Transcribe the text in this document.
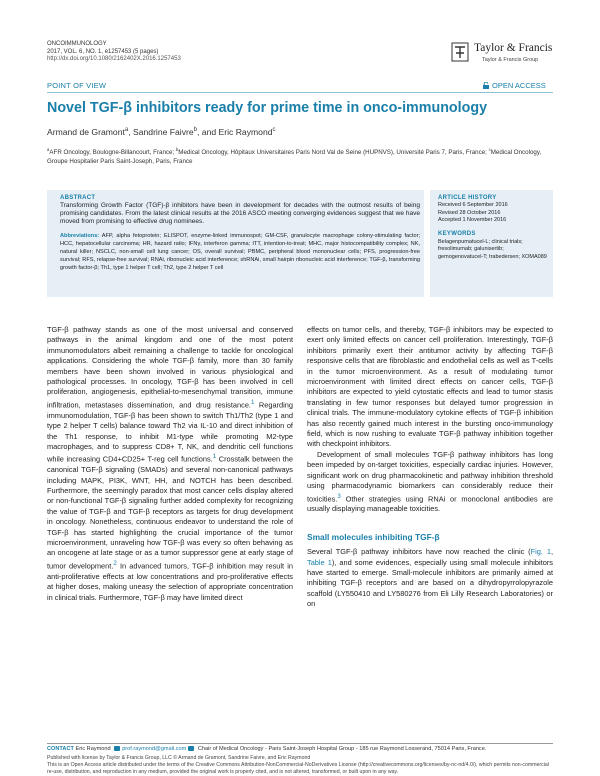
ONCOIMMUNOLOGY
2017, VOL. 6, NO. 1, e1257453 (5 pages)
http://dx.doi.org/10.1080/2162402X.2016.1257453
Taylor & Francis
Taylor & Francis Group
POINT OF VIEW	OPEN ACCESS
Novel TGF-β inhibitors ready for prime time in onco-immunology
Armand de Gramont$^a$, Sandrine Faivre$^b$, and Eric Raymond$^c$
$^a$AFR Oncology, Boulogne-Billancourt, France; $^b$Medical Oncology, Hôpitaux Universitaires Paris Nord Val de Seine (HUPNVS), Université Paris 7, Paris, France; $^c$Medical Oncology, Groupe Hospitalier Paris Saint-Joseph, Paris, France
ABSTRACT

Transforming Growth Factor (TGF)-β inhibitors have been in development for decades with the outmost results of being promising candidates. From the latest clinical results at the 2016 ASCO meeting converging evidences suggest that we have moved from promising to effective drug nominees.

Abbreviations: AFP, alpha fetoprotein; ELISPOT, enzyme-linked immunospot; GM-CSF, granulocyte macrophage colony-stimulating factor; HCC, hepatocellular carcinoma; HR, hazard ratio; IFNγ, interferon gamma; ITT, intention-to-treat; MHC, major histocompatibility complex; NK, natural killer; NSCLC, non-small cell lung cancer; OS, overall survival; PBMC, peripheral blood mononuclear cells; PFS, progression-free survival; RFS, relapse-free survival; RNAi, ribonucleic acid interference; shRNAi, small hairpin ribonucleic acid interference; TGF-β, transforming growth factor-β; Th1, type 1 helper T cell; Th2, type 2 helper T cell

ARTICLE HISTORY
Received 6 September 2016
Revised 28 October 2016
Accepted 1 November 2016
KEYWORDS
Belagenpumatucel-L; clinical trials; fresolimumab; galunisertib; gemogenovatucel-T; trabedersen; XOMA089

TGF-β pathway stands as one of the most universal and conserved pathways in the animal kingdom and one of the most potent immunomodulators albeit remaining a challenge to tackle for oncological applications. Considering the whole TGF-β family, more than 30 family members have been shown involved in various physiological and pathological processes. In oncology, TGF-β has been involved in cell proliferation, angiogenesis, epithelial-to-mesenchymal transition, immune infiltration, metastases dissemination, and drug resistance.$^1$ Regarding immunomodulation, TGF-β has been shown to switch Th1/Th2 (type 1 and type 2 helper T cells) balance toward Th2 via IL-10 and direct inhibition of the Th1 response, to inhibit M1-type while promoting M2-type macrophages, and to suppress CD8+ T, NK, and dendritic cell functions while increasing CD4+CD25+ T-reg cell functions.$^1$ Crosstalk between the canonical TGF-β signaling (SMADs) and several non-canonical pathways including MAPK, PI3K, WNT, HH, and NOTCH has been described. Furthermore, the seemingly paradox that most cancer cells display altered or non-functional TGF-β signaling further added complexity for recognizing the value of TGF-β and TGF-β receptors as targets for drug development in oncology. Nonetheless, continuous endeavor to understand the role of TGF-β has started highlighting the crucial importance of the tumor microenvironment, unraveling how TGF-β was every so often behaving as an oncogene at late stage or as a tumor suppressor gene at early stage of tumor development.$^2$ In advanced tumors, TGF-β inhibition may result in anti-proliferative effects at low concentrations and pro-proliferative effects at higher doses, making uneasy the selection of appropriate concentration in clinical trials. Furthermore, TGF-β may have limited direct

effects on tumor cells, and thereby, TGF-β inhibitors may be expected to exert only limited effects on cancer cell proliferation. Interestingly, TGF-β inhibitors primarily exert their antitumor activity by affecting TGF-β responsive cells that are fibroblastic and endothelial cells as well as T-cells in the tumor microenvironment. As a result of modulating tumor microenvironment with limited direct effects on cancer cells, TGF-β inhibitors are expected to yield cytostatic effects and lead to tumor stasis translating in few tumor responses but delayed tumor progression in clinical trials. The immune-modulatory cytokine effects of TGF-β inhibition has also recently gained much interest in the bursting onco-immunology field, which is now rushing to evaluate TGF-β pathway inhibition together with checkpoint inhibitors.

Development of small molecules TGF-β pathway inhibitors has long been impeded by on-target toxicities, especially cardiac injuries. However, significant work on drug pharmacokinetic and pathway inhibition threshold using pharmacodynamic biomarkers can considerably reduce their toxicities.$^3$ Other strategies using RNAi or monoclonal antibodies are usually displaying manageable toxicities.

Small molecules inhibiting TGF-β

Several TGF-β pathway inhibitors have now reached the clinic (Fig. 1, Table 1), and some evidences, especially using small molecule inhibitors have started to emerge. Small-molecule inhibitors are primarily aimed at inhibiting TGF-β receptors and are based on a dihydropyrrolopyrazole scaffold (LY550410 and LY580276 from Eli Lilly Research Laboratories) or on

CONTACT Eric Raymond prof.raymond@gmail.com Chair of Medical Oncology - Paris Saint-Joseph Hospital Group - 185 rue Raymond Losserand, 75014 Paris, France.
Published with license by Taylor & Francis Group, LLC © Armand de Gramont, Sandrine Faivre, and Eric Raymond
This is an Open Access article distributed under the terms of the Creative Commons Attribution-NonCommercial-NoDerivatives License (http://creativecommons.org/licenses/by-nc-nd/4.0/), which permits non-commercial re-use, distribution, and reproduction in any medium, provided the original work is properly cited, and is not altered, transformed, or built upon in any way.
